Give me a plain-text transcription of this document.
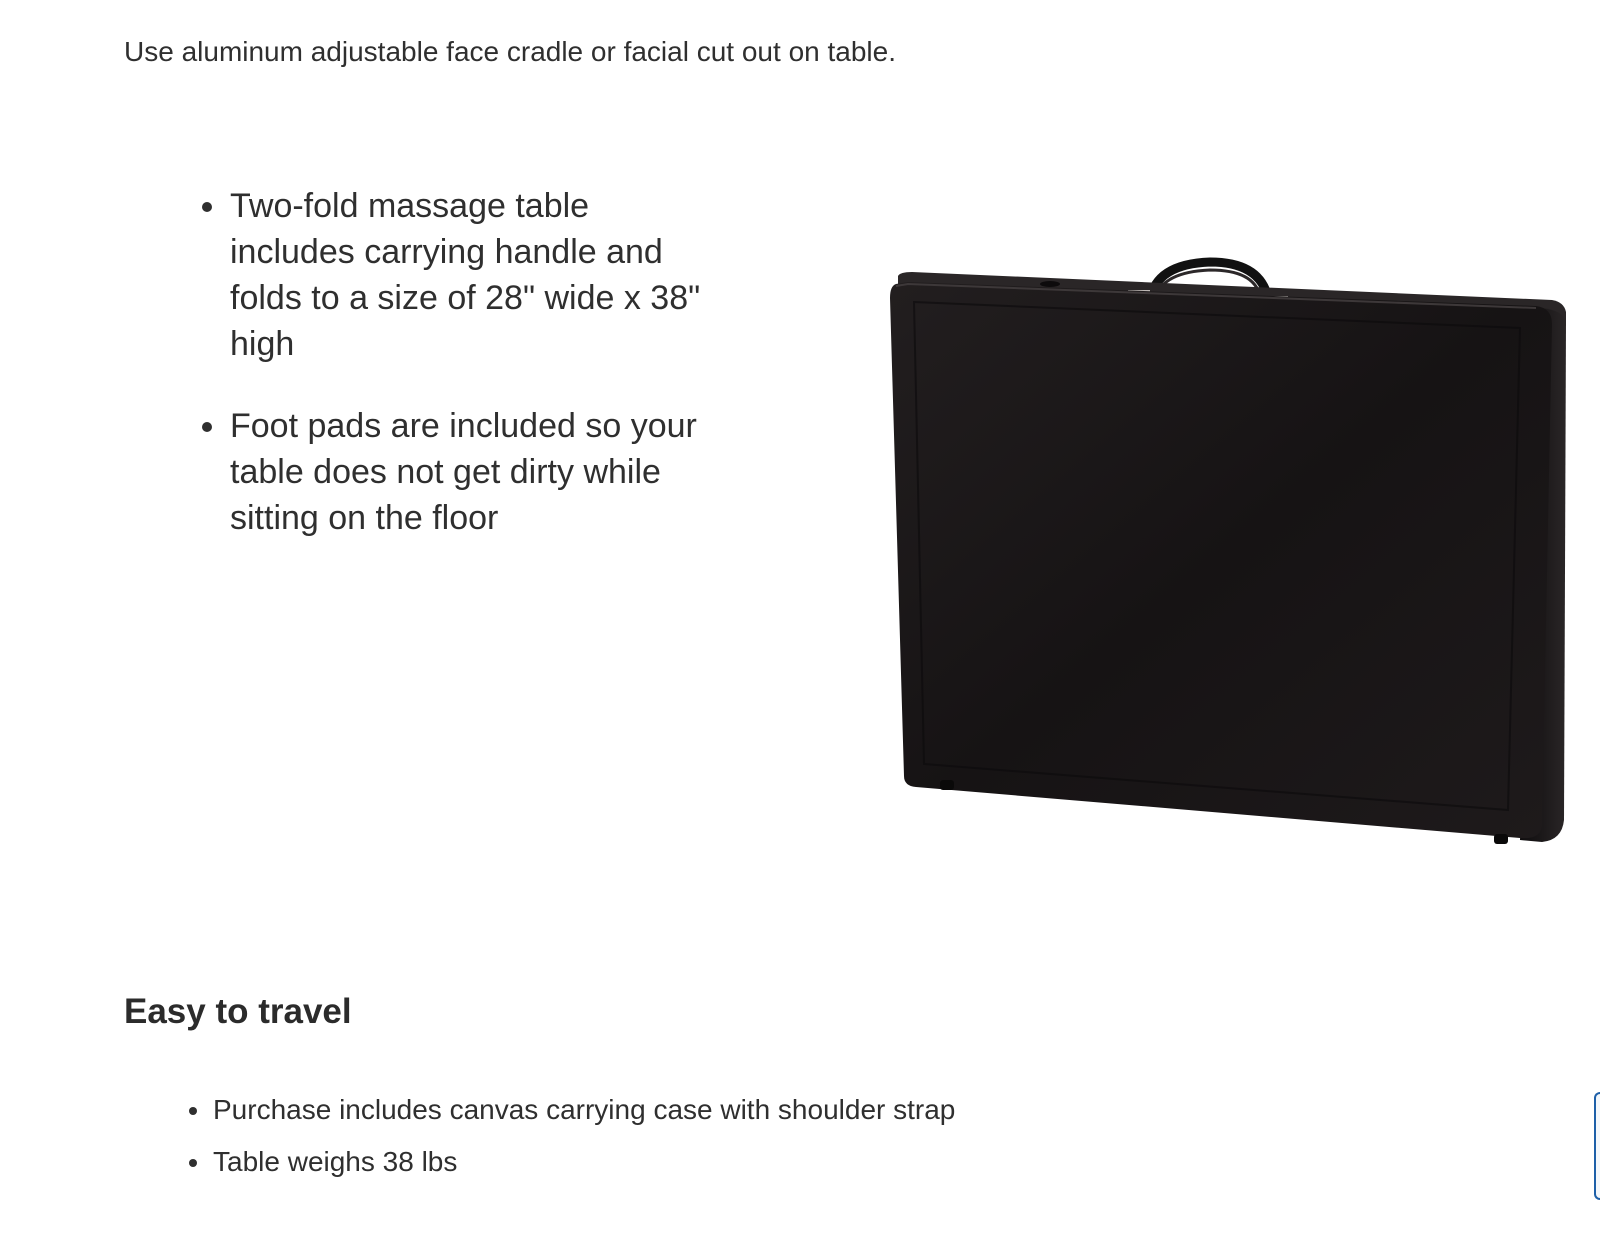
Use aluminum adjustable face cradle or facial cut out on table.

Two-fold massage table includes carrying handle and folds to a size of 28" wide x 38" high
Foot pads are included so your table does not get dirty while sitting on the floor
Easy to travel
Purchase includes canvas carrying case with shoulder strap
Table weighs 38 lbs
